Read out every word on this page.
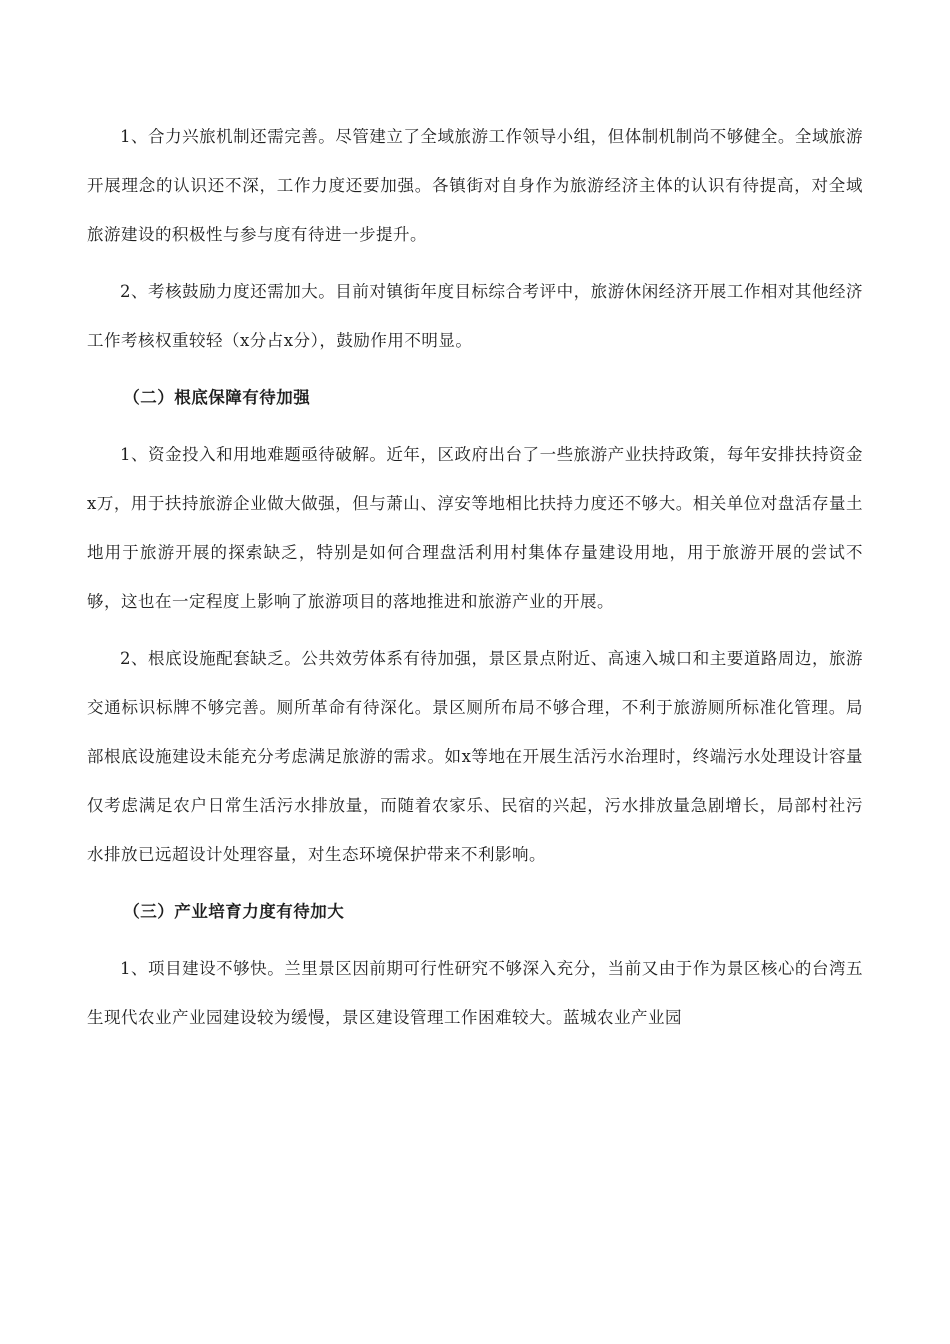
1、合力兴旅机制还需完善。尽管建立了全域旅游工作领导小组，但体制机制尚不够健全。全域旅游开展理念的认识还不深，工作力度还要加强。各镇街对自身作为旅游经济主体的认识有待提高，对全域旅游建设的积极性与参与度有待进一步提升。

2、考核鼓励力度还需加大。目前对镇街年度目标综合考评中，旅游休闲经济开展工作相对其他经济工作考核权重较轻（x分占x分），鼓励作用不明显。

（二）根底保障有待加强

1、资金投入和用地难题亟待破解。近年，区政府出台了一些旅游产业扶持政策，每年安排扶持资金x万，用于扶持旅游企业做大做强，但与萧山、淳安等地相比扶持力度还不够大。相关单位对盘活存量土地用于旅游开展的探索缺乏，特别是如何合理盘活利用村集体存量建设用地，用于旅游开展的尝试不够，这也在一定程度上影响了旅游项目的落地推进和旅游产业的开展。

2、根底设施配套缺乏。公共效劳体系有待加强，景区景点附近、高速入城口和主要道路周边，旅游交通标识标牌不够完善。厕所革命有待深化。景区厕所布局不够合理，不利于旅游厕所标准化管理。局部根底设施建设未能充分考虑满足旅游的需求。如x等地在开展生活污水治理时，终端污水处理设计容量仅考虑满足农户日常生活污水排放量，而随着农家乐、民宿的兴起，污水排放量急剧增长，局部村社污水排放已远超设计处理容量，对生态环境保护带来不利影响。

（三）产业培育力度有待加大

1、项目建设不够快。兰里景区因前期可行性研究不够深入充分，当前又由于作为景区核心的台湾五生现代农业产业园建设较为缓慢，景区建设管理工作困难较大。蓝城农业产业园
